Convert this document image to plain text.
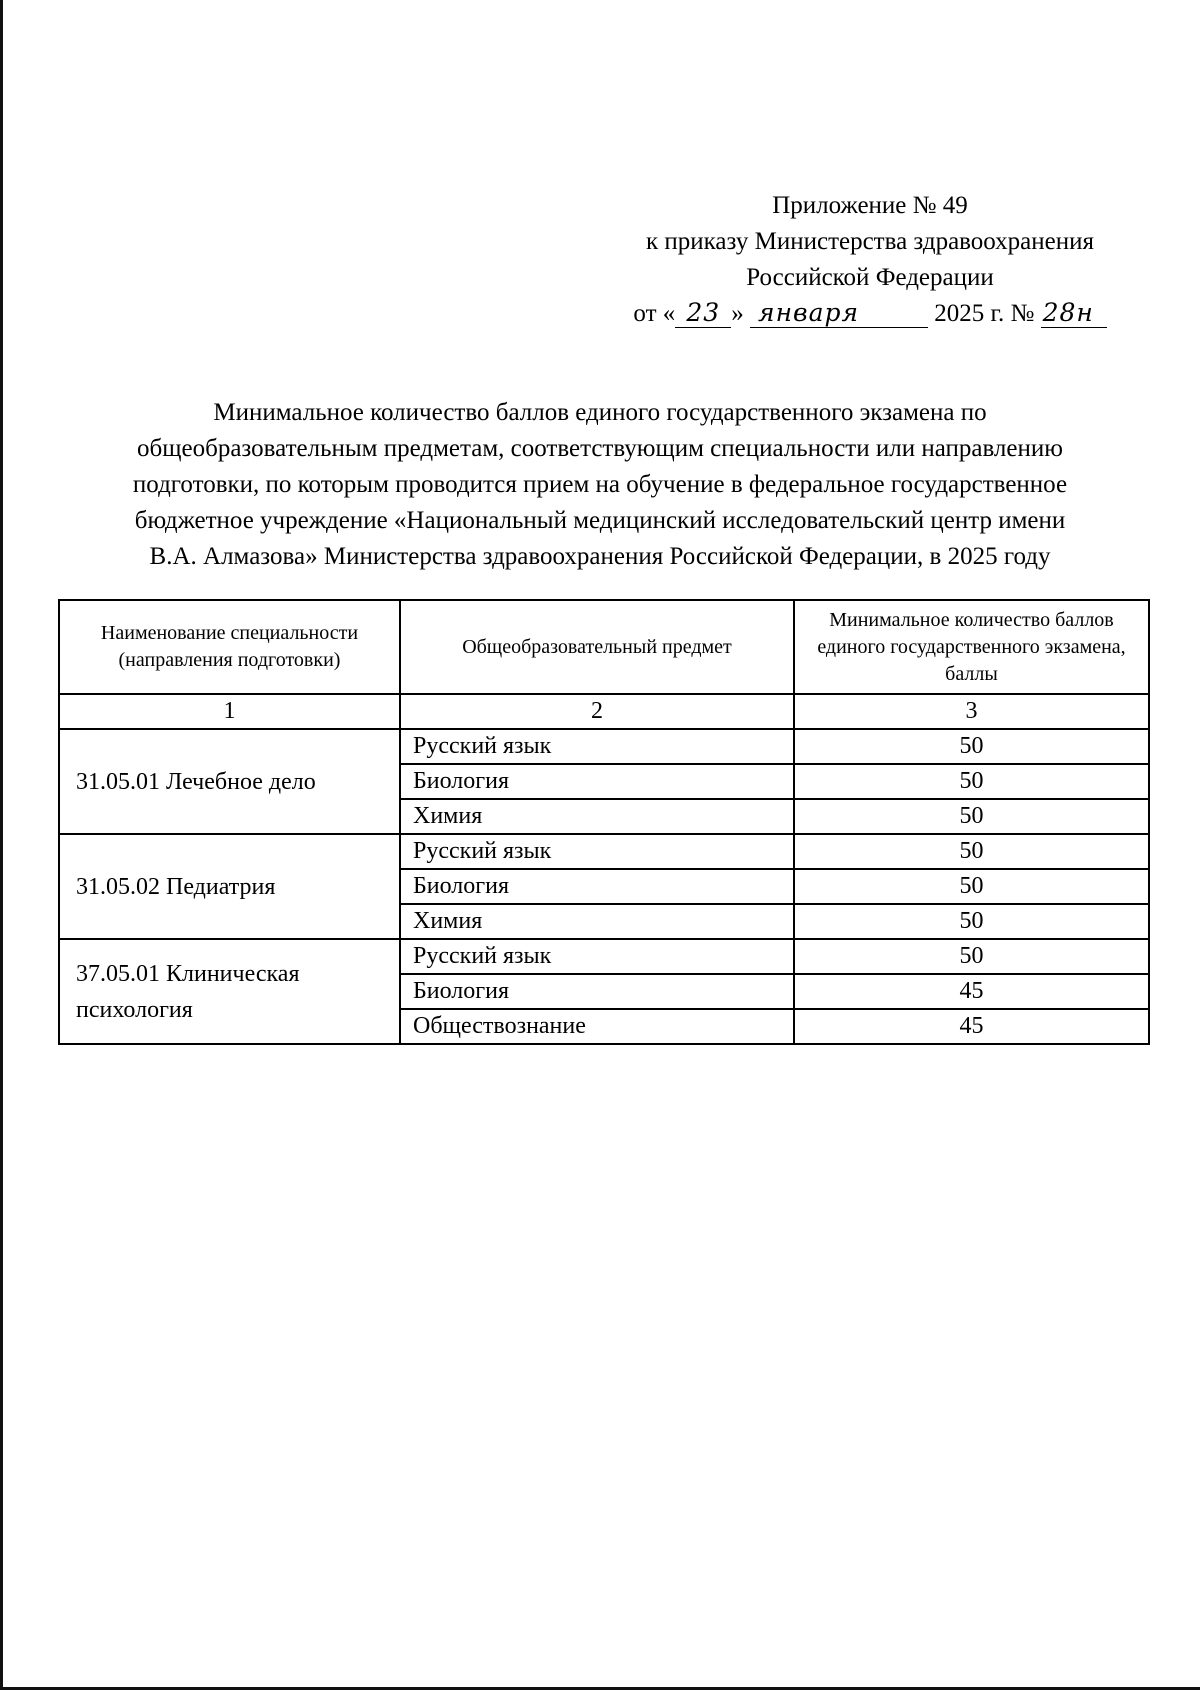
Приложение № 49
к приказу Министерства здравоохранения
Российской Федерации
от « 23 » января	2025 г. № 28н
Минимальное количество баллов единого государственного экзамена по
общеобразовательным предметам, соответствующим специальности или направлению
подготовки, по которым проводится прием на обучение в федеральное государственное
бюджетное учреждение «Национальный медицинский исследовательский центр имени
В.А. Алмазова» Министерства здравоохранения Российской Федерации, в 2025 году
Наименование специальности (направления подготовки)	Общеобразовательный предмет	Минимальное количество баллов единого государственного экзамена, баллы
1	2	3
31.05.01 Лечебное дело	Русский язык	50
	Биология	50
	Химия	50
31.05.02 Педиатрия	Русский язык	50
	Биология	50
	Химия	50
37.05.01 Клиническая психология	Русский язык	50
	Биология	45
	Обществознание	45
